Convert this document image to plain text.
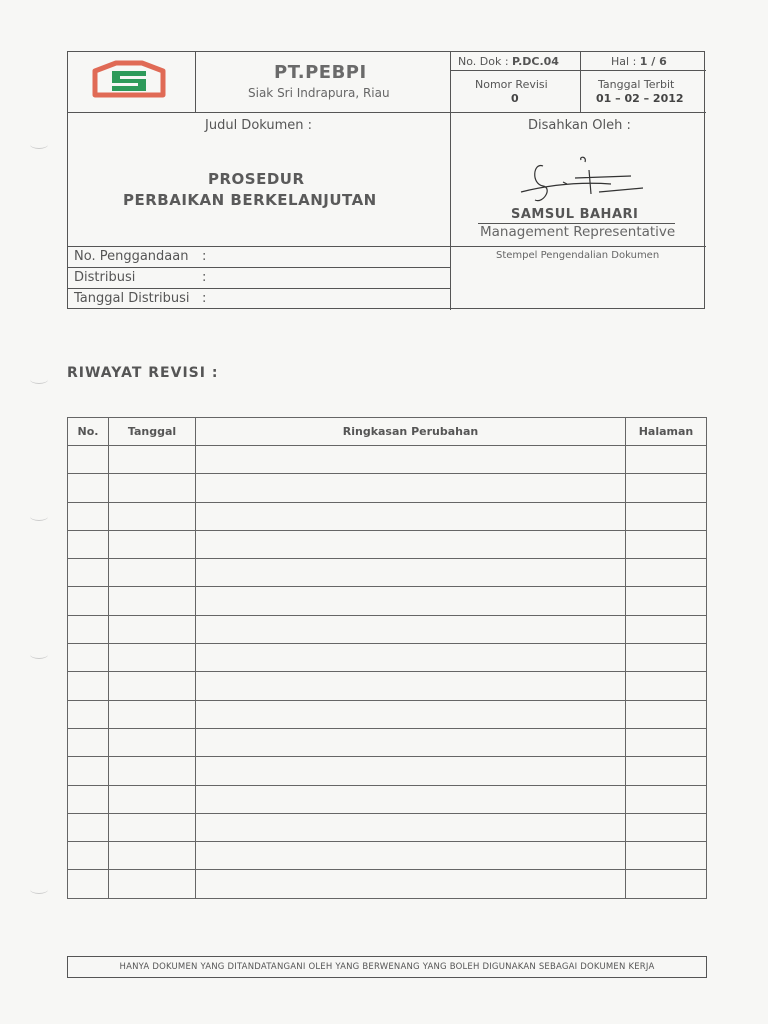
PT.PEBPI
Siak Sri Indrapura, Riau
No. Dok : P.DC.04	Hal : 1 / 6
Nomor Revisi
0
Tanggal Terbit
01 – 02 – 2012
Judul Dokumen :
PROSEDUR
PERBAIKAN BERKELANJUTAN
Disahkan Oleh :
SAMSUL BAHARI
Management Representative
No. Penggandaan :
Distribusi	:
Tanggal Distribusi :
Stempel Pengendalian Dokumen
RIWAYAT REVISI :
No.	Tanggal	Ringkasan Perubahan	Halaman

HANYA DOKUMEN YANG DITANDATANGANI OLEH YANG BERWENANG YANG BOLEH DIGUNAKAN SEBAGAI DOKUMEN KERJA
